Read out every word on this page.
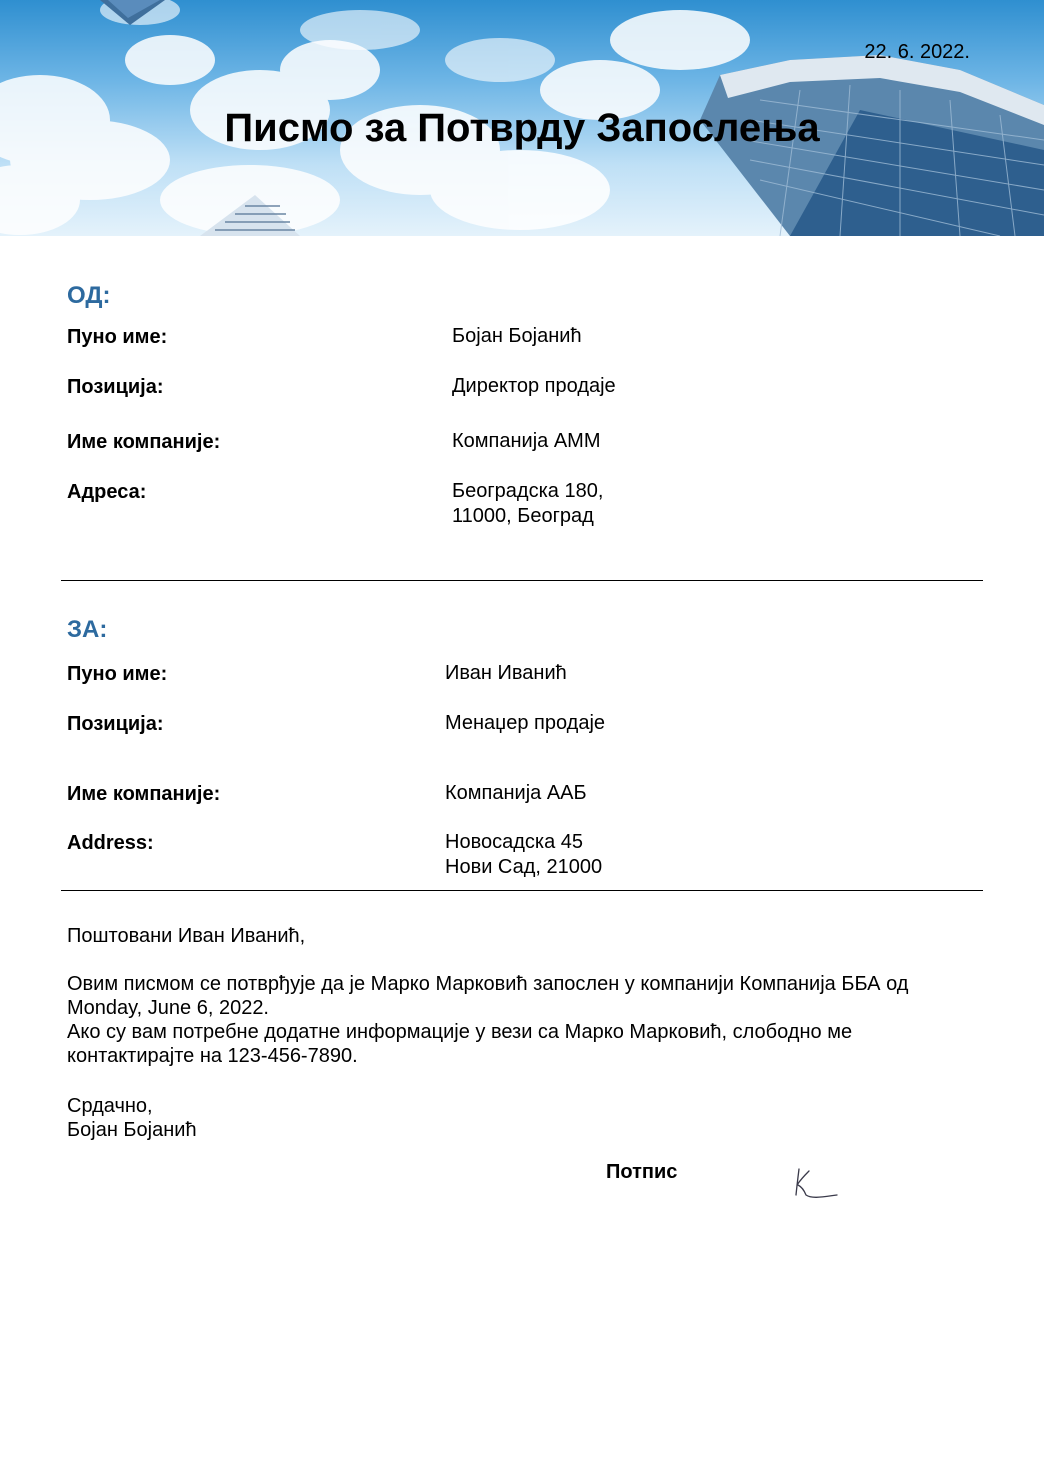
22. 6. 2022.
Писмо за Потврду Запослења
ОД:
Пуно име:	Бојан Бојанић
Позиција:	Директор продаје
Име компаније:	Компанија АММ
Адреса:	Београдска 180,
11000, Београд
ЗА:
Пуно име:	Иван Иванић
Позиција:	Менаџер продаје
Име компаније:	Компанија ААБ
Address:	Новосадска 45
Нови Сад, 21000

Поштовани Иван Иванић,

Овим писмом се потврђује да је Марко Марковић запослен у компанији Компанија ББА од
Monday, June 6, 2022.
Ако су вам потребне додатне информације у вези са Марко Марковић, слободно ме
контактирајте на 123-456-7890.
Срдачно,
Бојан Бојанић
Потпис
